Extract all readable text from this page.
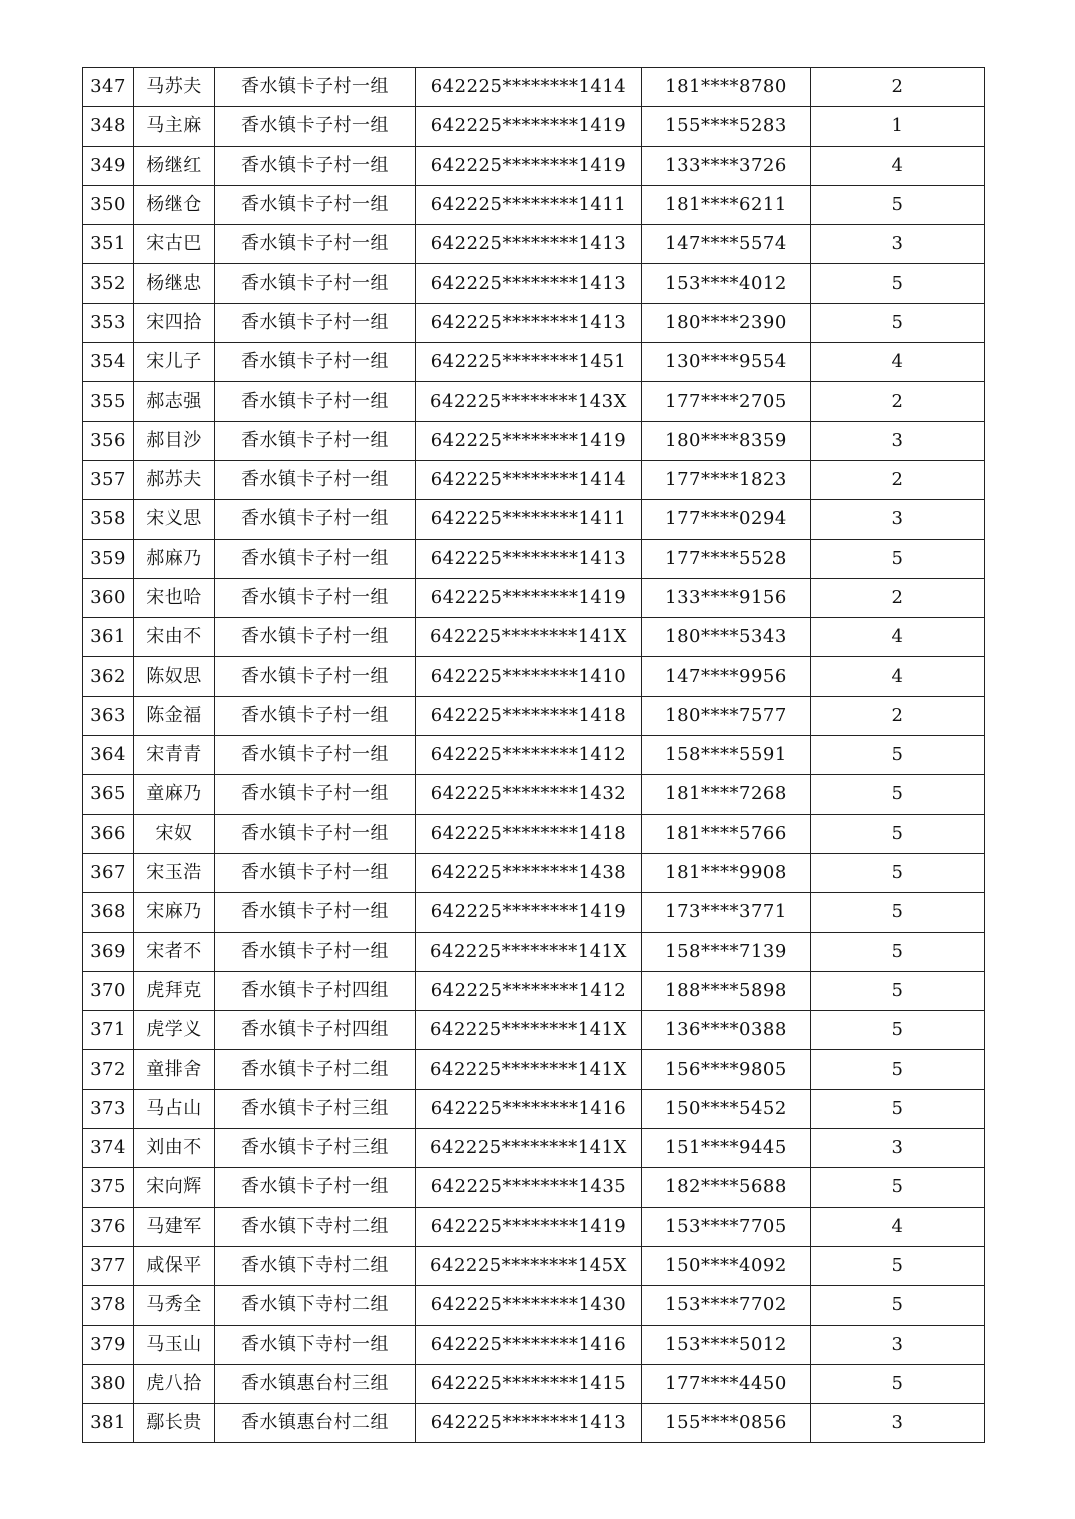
347	马苏夫	香水镇卡子村一组	642225********1414	181****8780	2
348	马主麻	香水镇卡子村一组	642225********1419	155****5283	1
349	杨继红	香水镇卡子村一组	642225********1419	133****3726	4
350	杨继仓	香水镇卡子村一组	642225********1411	181****6211	5
351	宋古巴	香水镇卡子村一组	642225********1413	147****5574	3
352	杨继忠	香水镇卡子村一组	642225********1413	153****4012	5
353	宋四拾	香水镇卡子村一组	642225********1413	180****2390	5
354	宋儿子	香水镇卡子村一组	642225********1451	130****9554	4
355	郝志强	香水镇卡子村一组	642225********143X	177****2705	2
356	郝目沙	香水镇卡子村一组	642225********1419	180****8359	3
357	郝苏夫	香水镇卡子村一组	642225********1414	177****1823	2
358	宋义思	香水镇卡子村一组	642225********1411	177****0294	3
359	郝麻乃	香水镇卡子村一组	642225********1413	177****5528	5
360	宋也哈	香水镇卡子村一组	642225********1419	133****9156	2
361	宋由不	香水镇卡子村一组	642225********141X	180****5343	4
362	陈奴思	香水镇卡子村一组	642225********1410	147****9956	4
363	陈金福	香水镇卡子村一组	642225********1418	180****7577	2
364	宋青青	香水镇卡子村一组	642225********1412	158****5591	5
365	童麻乃	香水镇卡子村一组	642225********1432	181****7268	5
366	宋奴	香水镇卡子村一组	642225********1418	181****5766	5
367	宋玉浩	香水镇卡子村一组	642225********1438	181****9908	5
368	宋麻乃	香水镇卡子村一组	642225********1419	173****3771	5
369	宋者不	香水镇卡子村一组	642225********141X	158****7139	5
370	虎拜克	香水镇卡子村四组	642225********1412	188****5898	5
371	虎学义	香水镇卡子村四组	642225********141X	136****0388	5
372	童排舍	香水镇卡子村二组	642225********141X	156****9805	5
373	马占山	香水镇卡子村三组	642225********1416	150****5452	5
374	刘由不	香水镇卡子村三组	642225********141X	151****9445	3
375	宋向辉	香水镇卡子村一组	642225********1435	182****5688	5
376	马建军	香水镇下寺村二组	642225********1419	153****7705	4
377	咸保平	香水镇下寺村二组	642225********145X	150****4092	5
378	马秀全	香水镇下寺村二组	642225********1430	153****7702	5
379	马玉山	香水镇下寺村一组	642225********1416	153****5012	3
380	虎八拾	香水镇惠台村三组	642225********1415	177****4450	5
381	鄢长贵	香水镇惠台村二组	642225********1413	155****0856	3
